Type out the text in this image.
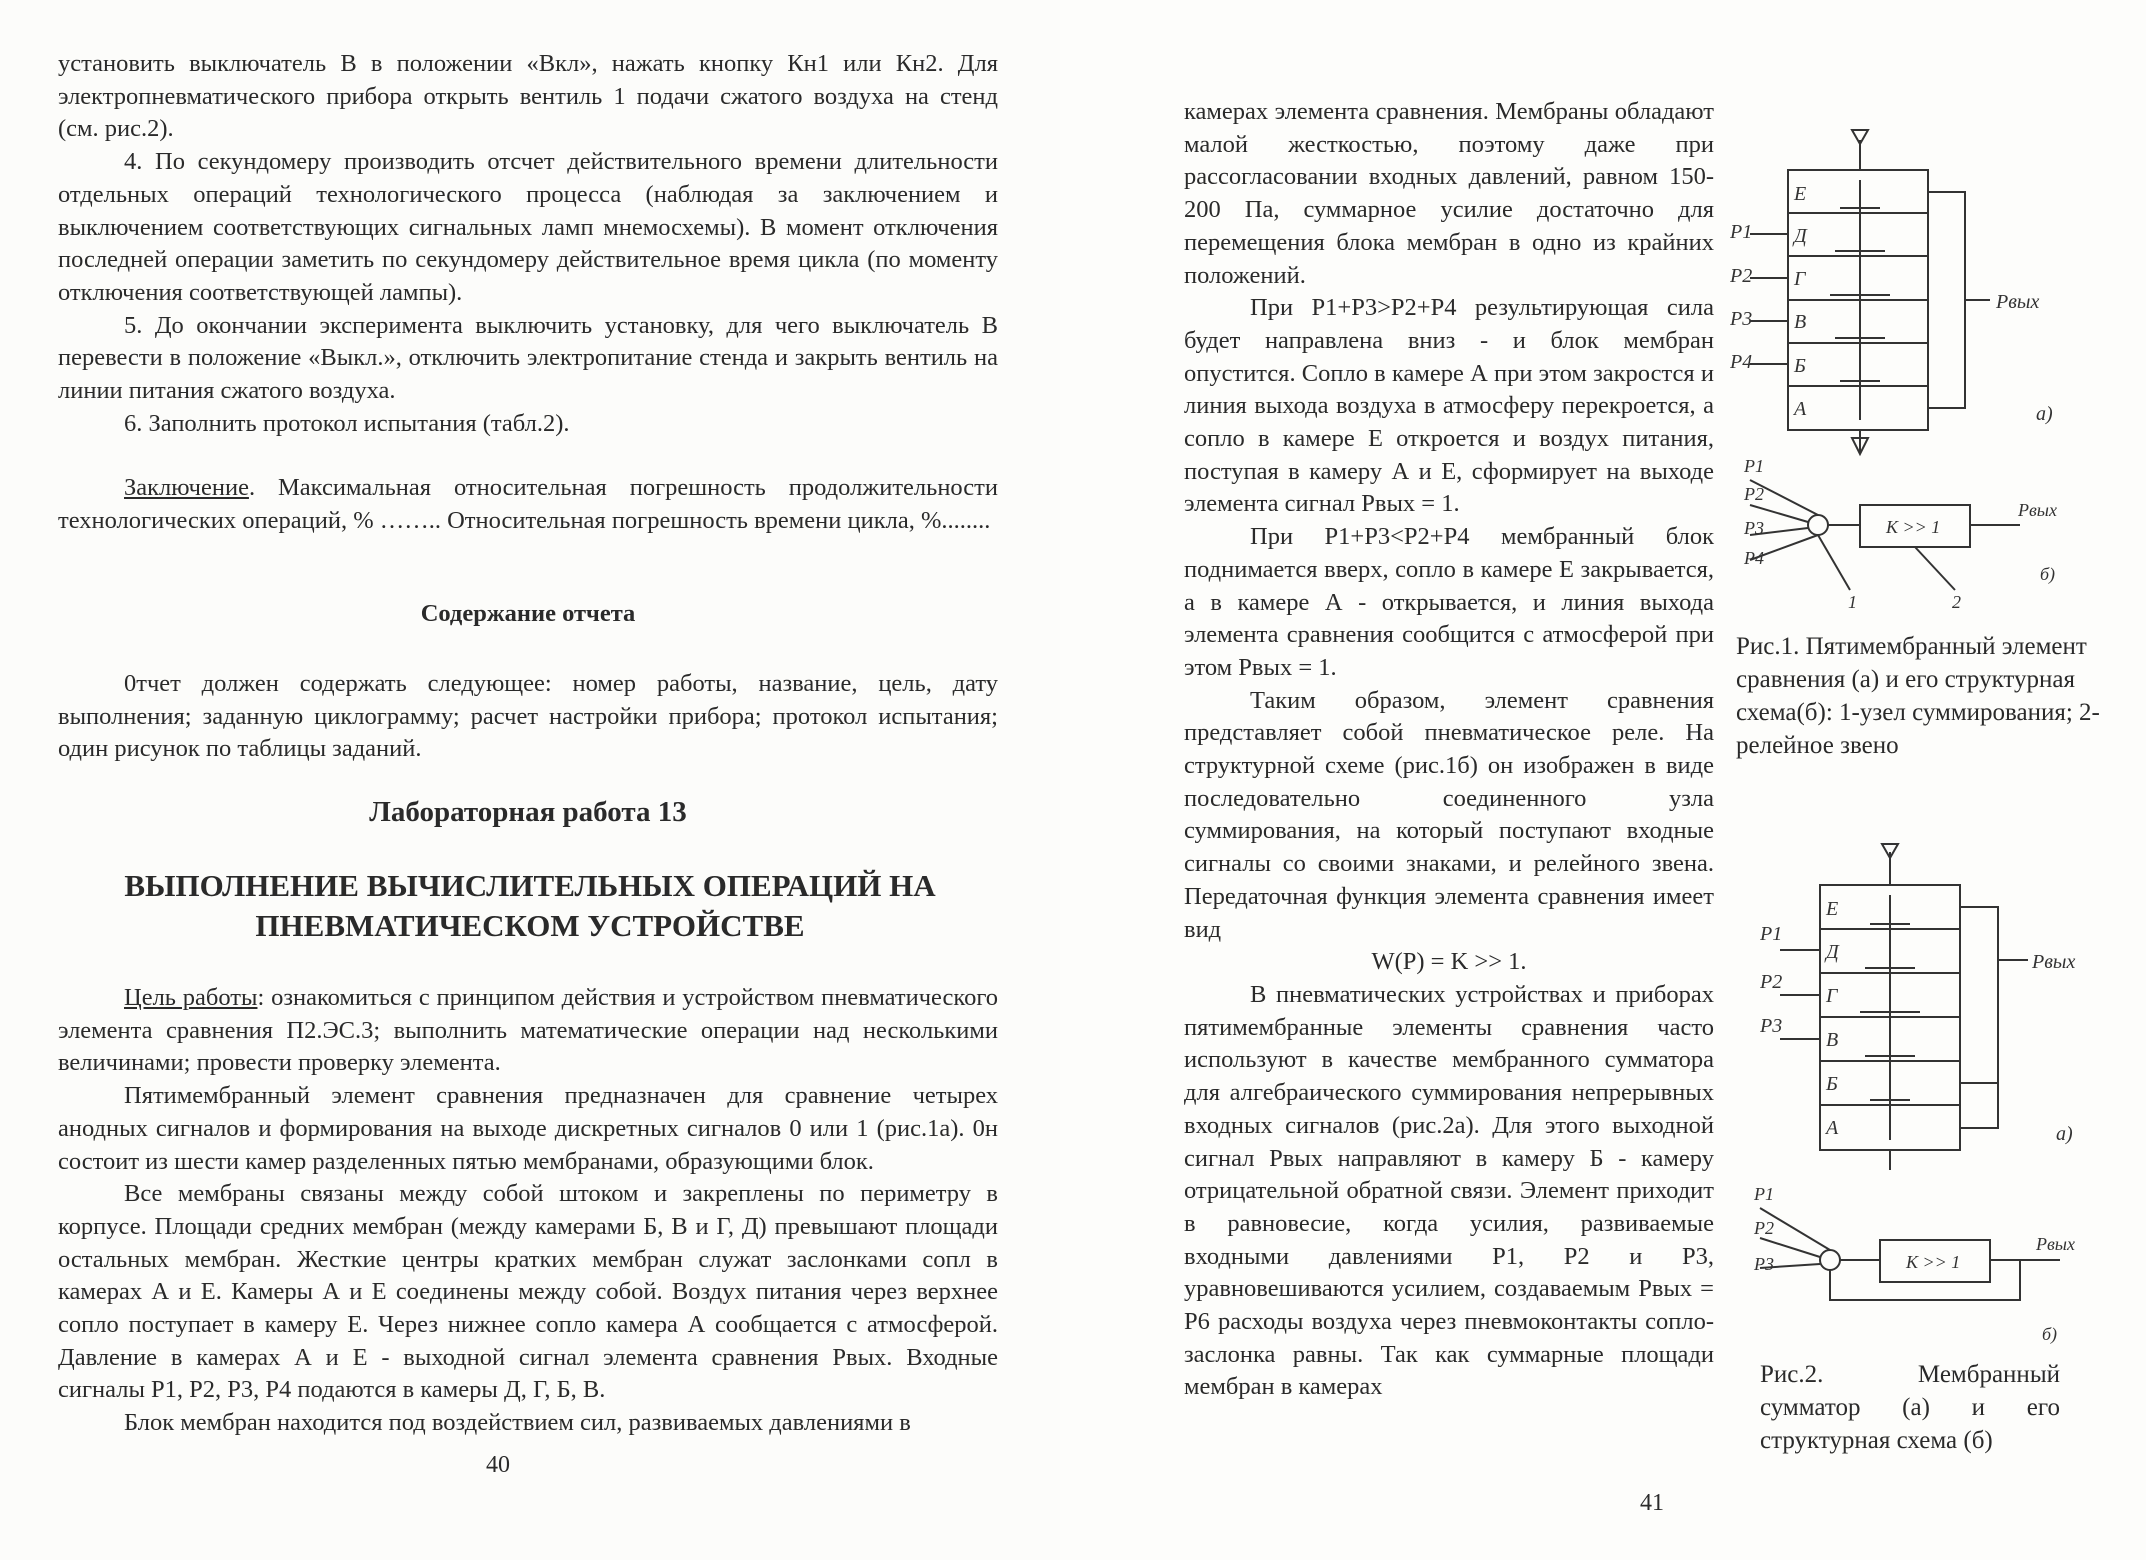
установить выключатель В в положении «Вкл», нажать кнопку Кн1 или Кн2. Для электропневматического прибора открыть вентиль 1 подачи сжатого воздуха на стенд (см. рис.2).

4. По секундомеру производить отсчет действительного времени длительности отдельных операций технологического процесса (наблюдая за заключением и выключением соответствующих сигнальных ламп мнемосхемы). В момент отключения последней операции заметить по секундомеру действительное время цикла (по моменту отключения соответствующей лампы).

5. До окончании эксперимента выключить установку, для чего выключатель В перевести в положение «Выкл.», отключить электропитание стенда и закрыть вентиль на линии питания сжатого воздуха.

6. Заполнить протокол испытания (табл.2).

Заключение. Максимальная относительная погрешность продолжительности технологических операций, % …….. Относительная погрешность времени цикла, %........

Содержание отчета

0тчет должен содержать следующее: номер работы, название, цель, дату выполнения; заданную циклограмму; расчет настройки прибора; протокол испытания; один рисунок по таблицы заданий.

Лабораторная работа 13
ВЫПОЛНЕНИЕ ВЫЧИСЛИТЕЛЬНЫХ ОПЕРАЦИЙ НА
ПНЕВМАТИЧЕСКОМ УСТРОЙСТВЕ

Цель работы: ознакомиться с принципом действия и устройством пневматического элемента сравнения П2.ЭС.3; выполнить математические операции над несколькими величинами; провести проверку элемента.

Пятимембранный элемент сравнения предназначен для сравнение четырех анодных сигналов и формирования на выходе дискретных сигналов 0 или 1 (рис.1а). 0н состоит из шести камер разделенных пятью мембранами, образующими блок.

Все мембраны связаны между собой штоком и закреплены по периметру в корпусе. Площади средних мембран (между камерами Б, В и Г, Д) превышают площади остальных мембран. Жесткие центры кратких мембран служат заслонками сопл в камерах А и Е. Камеры А и Е соединены между собой. Воздух питания через верхнее сопло поступает в камеру Е. Через нижнее сопло камера А сообщается с атмосферой. Давление в камерах А и Е - выходной сигнал элемента сравнения Pвых. Входные сигналы P1, P2, P3, P4 подаются в камеры Д, Г, Б, В.

Блок мембран находится под воздействием сил, развиваемых давлениями в

40

камерах элемента сравнения. Мембраны обладают малой жесткостью, поэтому даже при рассогласовании входных давлений, равном 150-200 Па, суммарное усилие достаточно для перемещения блока мембран в одно из крайних положений.

При P1+P3>P2+P4 результирующая сила будет направлена вниз - и блок мембран опустится. Сопло в камере А при этом закростся и линия выхода воздуха в атмосферу перекроется, а сопло в камере Е откроется и воздух питания, поступая в камеру А и Е, сформирует на выходе элемента сигнал Pвых = 1.

При P1+P3<P2+P4 мембранный блок поднимается вверх, сопло в камере Е закрывается, а в камере А - открывается, и линия выхода элемента сравнения сообщится с атмосферой при этом Pвых = 1.

Таким образом, элемент сравнения представляет собой пневматическое реле. На структурной схеме (рис.1б) он изображен в виде последовательно соединенного узла суммирования, на который поступают входные сигналы со своими знаками, и релейного звена. Передаточная функция элемента сравнения имеет вид

W(P) = K >> 1.

В пневматических устройствах и приборах пятимембранные элементы сравнения часто используют в качестве мембранного сумматора для алгебраического суммирования непрерывных входных сигналов (рис.2а). Для этого выходной сигнал Pвых направляют в камеру Б - камеру отрицательной обратной связи. Элемент приходит в равновесие, когда усилия, развиваемые входными давлениями P1, P2 и P3, уравновешиваются усилием, создаваемым Pвых = P6 расходы воздуха через пневмоконтакты сопло-заслонка равны. Так как суммарные площади мембран в камерах

Е
Д
Г
В
Б
А
P1
P2
P3
P4
Pвых
а)
P1
P2
P3
P4
K >> 1
Pвых
1	2
б)
Рис.1. Пятимембранный элемент сравнения (а) и его структурная схема(б): 1-узел суммирования; 2-релейное звено
Е
Д
Г
В
Б
А
P1
P2
P3
Pвых
а)
P1
P2
P3	K >> 1
Pвых
б)
Рис.2. Мембранный сумматор (а) и его структурная схема (б)
41
